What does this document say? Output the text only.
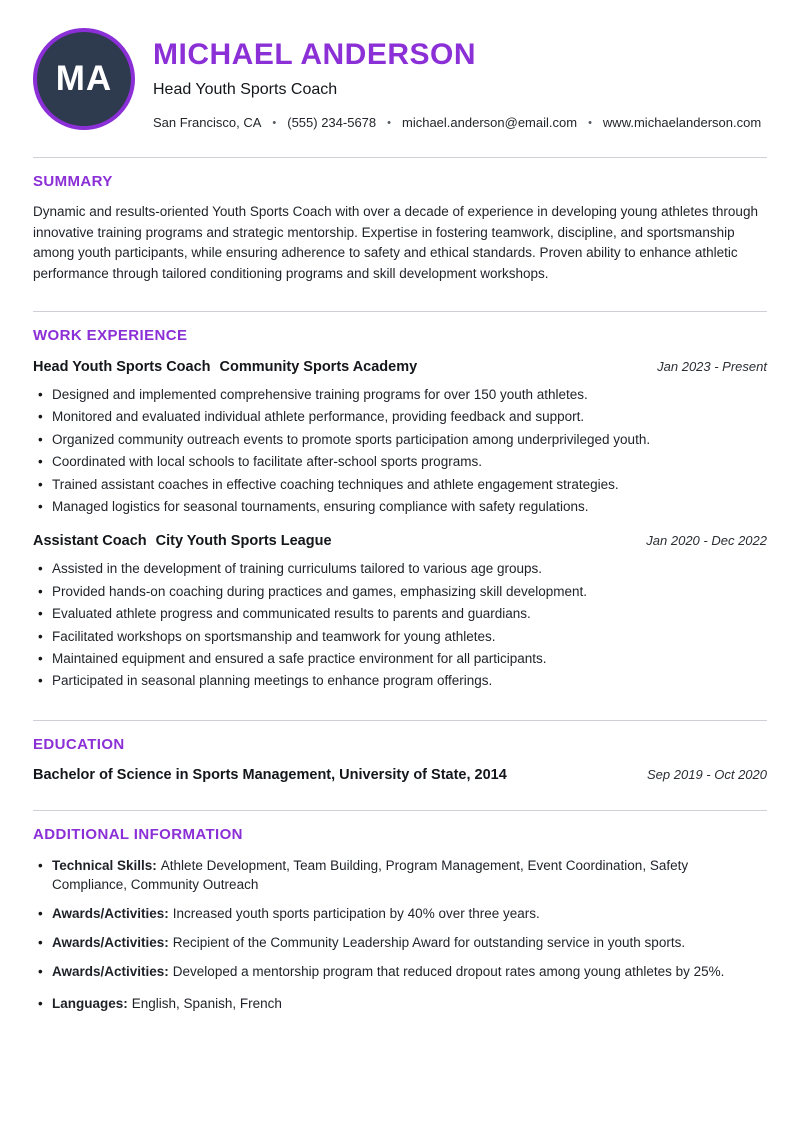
MA
MICHAEL ANDERSON
Head Youth Sports Coach
San Francisco, CA • (555) 234-5678 • michael.anderson@email.com • www.michaelanderson.com
SUMMARY

Dynamic and results-oriented Youth Sports Coach with over a decade of experience in developing young athletes through innovative training programs and strategic mentorship. Expertise in fostering teamwork, discipline, and sportsmanship among youth participants, while ensuring adherence to safety and ethical standards. Proven ability to enhance athletic performance through tailored conditioning programs and skill development workshops.

WORK EXPERIENCE
Head Youth Sports Coach Community Sports Academy	Jan 2023 - Present
• Designed and implemented comprehensive training programs for over 150 youth athletes.
• Monitored and evaluated individual athlete performance, providing feedback and support.
• Organized community outreach events to promote sports participation among underprivileged youth.
• Coordinated with local schools to facilitate after-school sports programs.
• Trained assistant coaches in effective coaching techniques and athlete engagement strategies.
• Managed logistics for seasonal tournaments, ensuring compliance with safety regulations.
Assistant Coach City Youth Sports League	Jan 2020 - Dec 2022
• Assisted in the development of training curriculums tailored to various age groups.
• Provided hands-on coaching during practices and games, emphasizing skill development.
• Evaluated athlete progress and communicated results to parents and guardians.
• Facilitated workshops on sportsmanship and teamwork for young athletes.
• Maintained equipment and ensured a safe practice environment for all participants.
• Participated in seasonal planning meetings to enhance program offerings.
EDUCATION
Bachelor of Science in Sports Management, University of State, 2014	Sep 2019 - Oct 2020
ADDITIONAL INFORMATION
• Technical Skills: Athlete Development, Team Building, Program Management, Event Coordination, Safety Compliance, Community Outreach
• Awards/Activities: Increased youth sports participation by 40% over three years.
• Awards/Activities: Recipient of the Community Leadership Award for outstanding service in youth sports.
• Awards/Activities: Developed a mentorship program that reduced dropout rates among young athletes by 25%.
• Languages: English, Spanish, French
